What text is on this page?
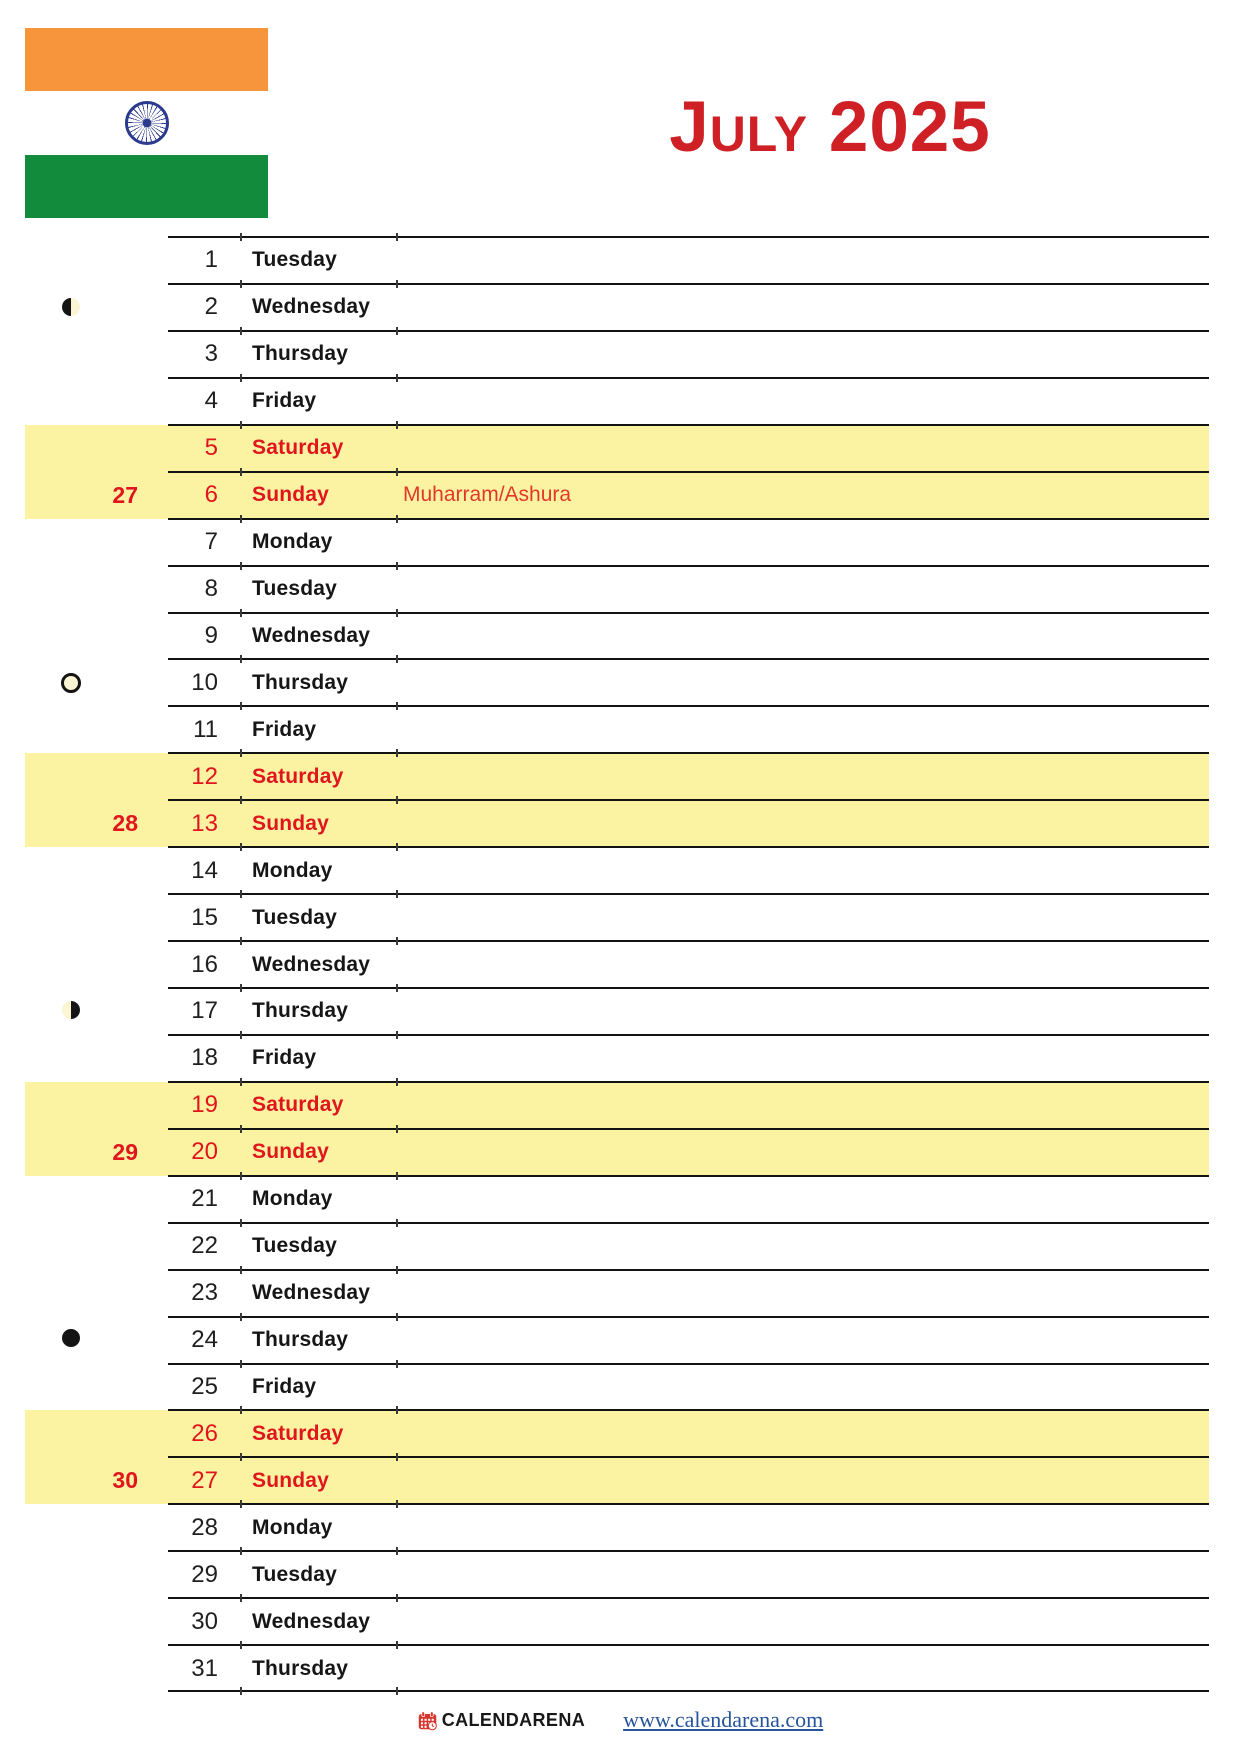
July 2025
1	Tuesday
2	Wednesday
3	Thursday
4	Friday
5	Saturday
27	6	Sunday	Muharram/Ashura
7	Monday
8	Tuesday
9	Wednesday
10	Thursday
11	Friday
12	Saturday
28	13	Sunday
14	Monday
15	Tuesday
16	Wednesday
17	Thursday
18	Friday
19	Saturday
29	20	Sunday
21	Monday
22	Tuesday
23	Wednesday
24	Thursday
25	Friday
26	Saturday
30	27	Sunday
28	Monday
29	Tuesday
30	Wednesday
31	Thursday
CALENDARENA www.calendarena.com
